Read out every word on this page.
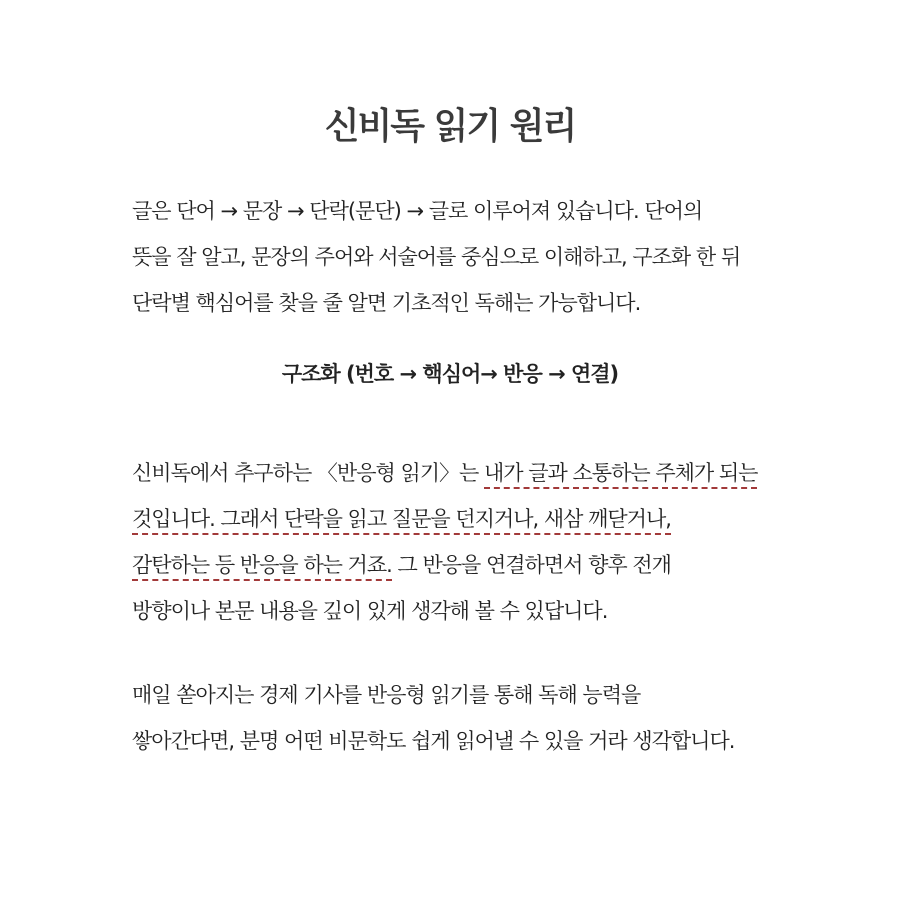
신비독 읽기 원리
글은 단어 → 문장 → 단락(문단) → 글로 이루어져 있습니다. 단어의
뜻을 잘 알고, 문장의 주어와 서술어를 중심으로 이해하고, 구조화 한 뒤
단락별 핵심어를 찾을 줄 알면 기초적인 독해는 가능합니다.
구조화 (번호 → 핵심어→ 반응 → 연결)
신비독에서 추구하는 〈반응형 읽기〉는 내가 글과 소통하는 주체가 되는
것입니다. 그래서 단락을 읽고 질문을 던지거나, 새삼 깨닫거나,
감탄하는 등 반응을 하는 거죠. 그 반응을 연결하면서 향후 전개
방향이나 본문 내용을 깊이 있게 생각해 볼 수 있답니다.
매일 쏟아지는 경제 기사를 반응형 읽기를 통해 독해 능력을
쌓아간다면, 분명 어떤 비문학도 쉽게 읽어낼 수 있을 거라 생각합니다.
